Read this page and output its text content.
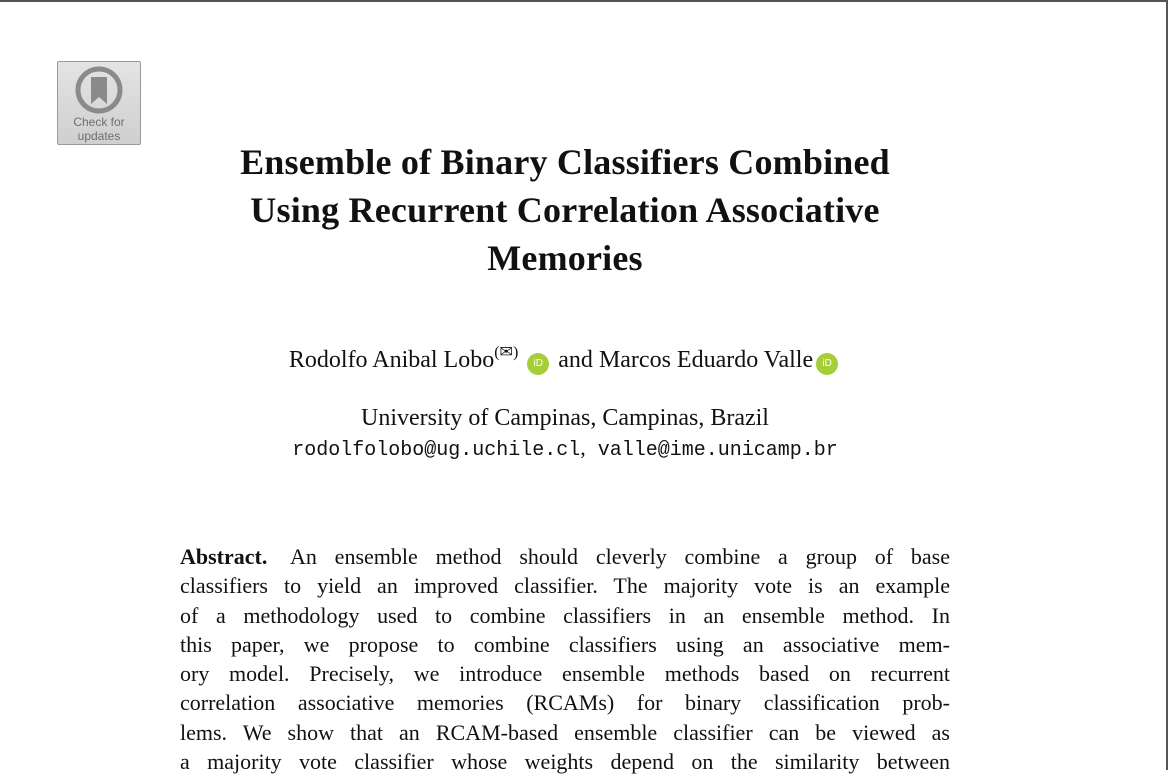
Check for
updates
Ensemble of Binary Classifiers Combined
Using Recurrent Correlation Associative
Memories
Rodolfo Anibal Lobo(✉) iD and Marcos Eduardo Valle iD
University of Campinas, Campinas, Brazil
rodolfolobo@ug.uchile.cl, valle@ime.unicamp.br
Abstract. An ensemble method should cleverly combine a group of base
classifiers to yield an improved classifier. The majority vote is an example
of a methodology used to combine classifiers in an ensemble method. In
this paper, we propose to combine classifiers using an associative mem-
ory model. Precisely, we introduce ensemble methods based on recurrent
correlation associative memories (RCAMs) for binary classification prob-
lems. We show that an RCAM-based ensemble classifier can be viewed as
a majority vote classifier whose weights depend on the similarity between
